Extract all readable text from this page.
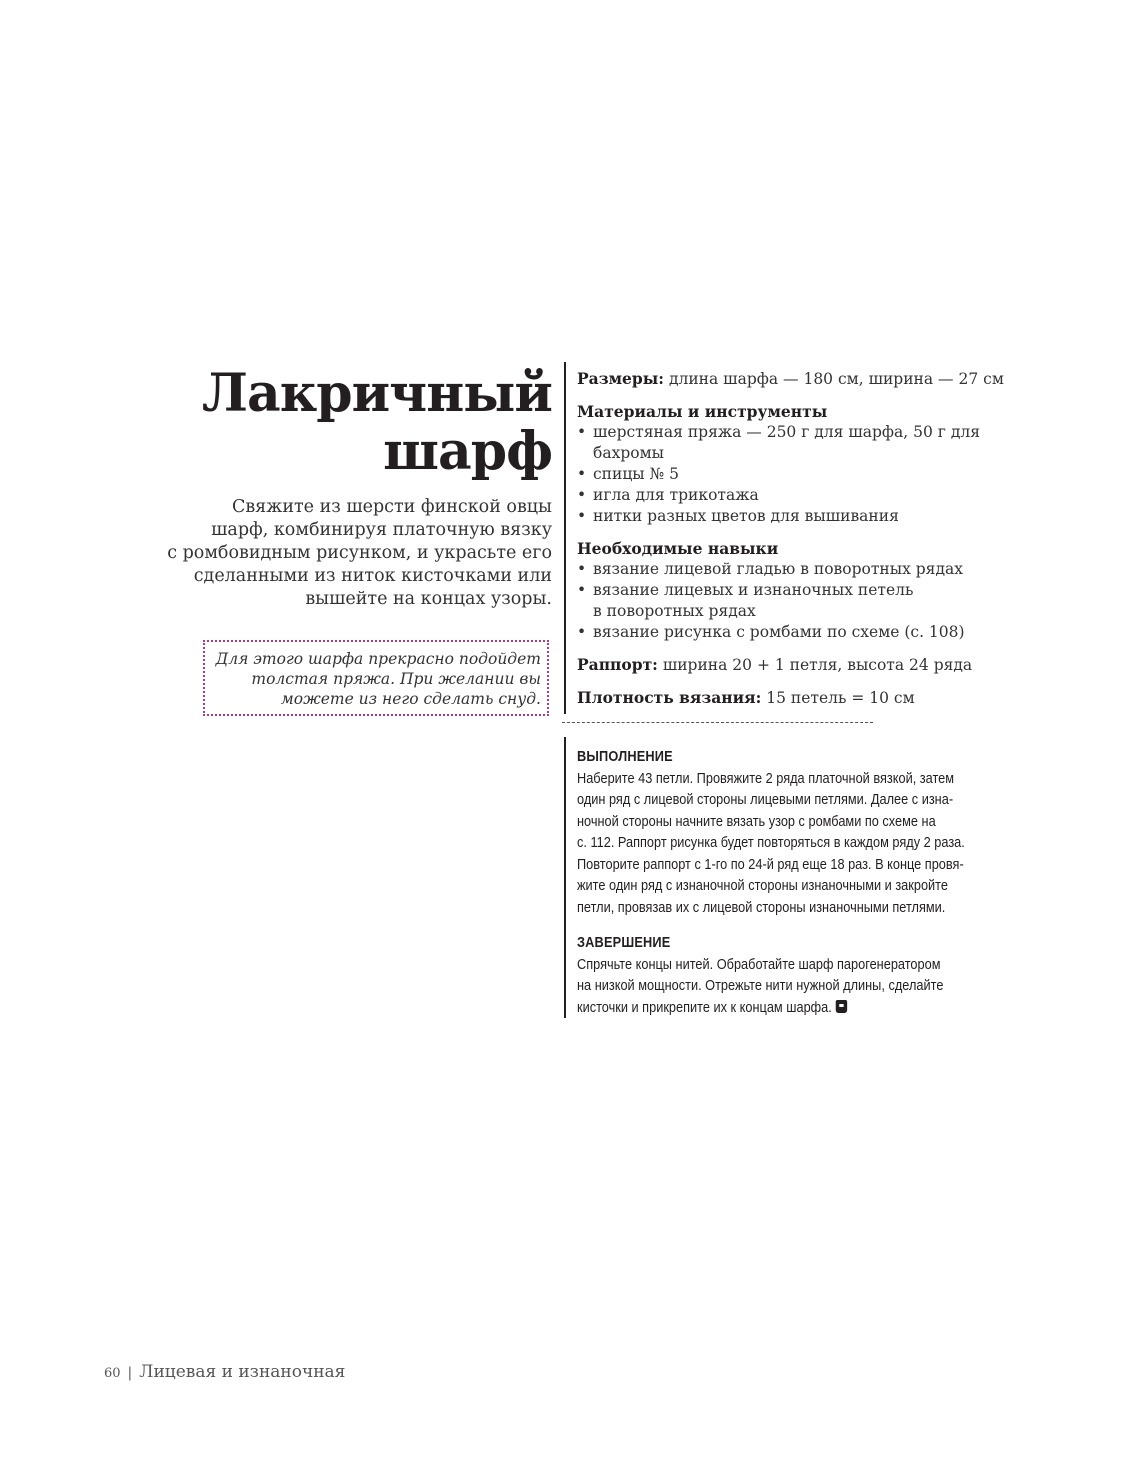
Лакричный
шарф
Свяжите из шерсти финской овцы
шарф, комбинируя платочную вязку
с ромбовидным рисунком, и украсьте его
сделанными из ниток кисточками или
вышейте на концах узоры.
Для этого шарфа прекрасно подойдет
толстая пряжа. При желании вы
можете из него сделать снуд.
Размеры: длина шарфа — 180 см, ширина — 27 см
Материалы и инструменты
• шерстяная пряжа — 250 г для шарфа, 50 г для
бахромы
• спицы № 5
• игла для трикотажа
• нитки разных цветов для вышивания
Необходимые навыки
• вязание лицевой гладью в поворотных рядах
• вязание лицевых и изнаночных петель
в поворотных рядах
• вязание рисунка с ромбами по схеме (с. 108)
Раппорт: ширина 20 + 1 петля, высота 24 ряда
Плотность вязания: 15 петель = 10 см
ВЫПОЛНЕНИЕ
Наберите 43 петли. Провяжите 2 ряда платочной вязкой, затем
один ряд с лицевой стороны лицевыми петлями. Далее с изна-
ночной стороны начните вязать узор с ромбами по схеме на
с. 112. Раппорт рисунка будет повторяться в каждом ряду 2 раза.
Повторите раппорт с 1-го по 24-й ряд еще 18 раз. В конце провя-
жите один ряд с изнаночной стороны изнаночными и закройте
петли, провязав их с лицевой стороны изнаночными петлями.
ЗАВЕРШЕНИЕ
Спрячьте концы нитей. Обработайте шарф парогенератором
на низкой мощности. Отрежьте нити нужной длины, сделайте
кисточки и прикрепите их к концам шарфа.
60 | Лицевая и изнаночная
